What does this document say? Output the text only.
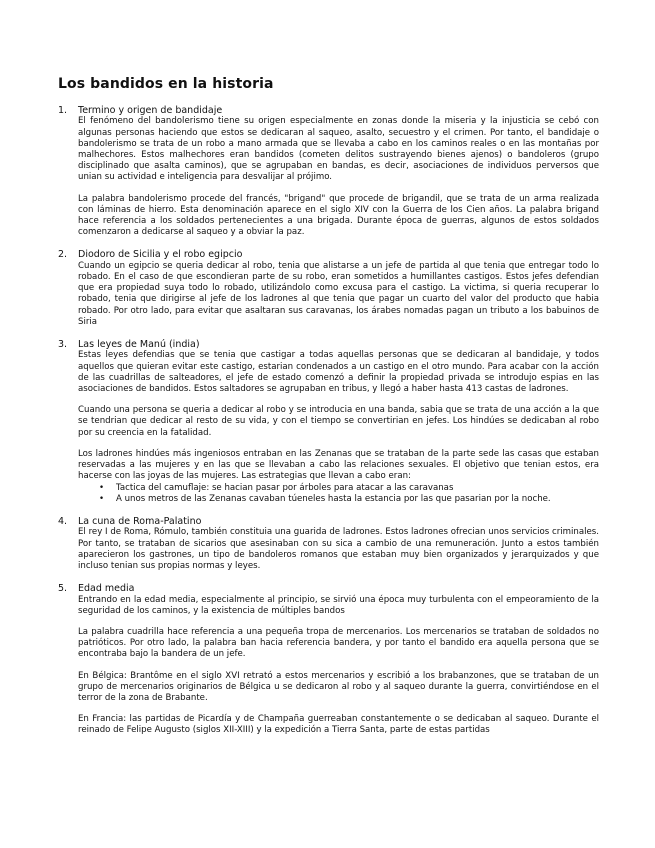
Los bandidos en la historia
1. Termino y origen de bandidaje

El fenómeno del bandolerismo tiene su origen especialmente en zonas donde la miseria y la injusticia se cebó con algunas personas haciendo que estos se dedicaran al saqueo, asalto, secuestro y el crimen. Por tanto, el bandidaje o bandolerismo se trata de un robo a mano armada que se llevaba a cabo en los caminos reales o en las montañas por malhechores. Estos malhechores eran bandidos (cometen delitos sustrayendo bienes ajenos) o bandoleros (grupo disciplinado que asalta caminos), que se agrupaban en bandas, es decir, asociaciones de individuos perversos que unian su actividad e inteligencia para desvalijar al prójimo.

La palabra bandolerismo procede del francés, "brigand" que procede de brigandil, que se trata de un arma realizada con láminas de hierro. Esta denominación aparece en el siglo XIV con la Guerra de los Cien años. La palabra brigand hace referencia a los soldados pertenecientes a una brigada. Durante época de guerras, algunos de estos soldados comenzaron a dedicarse al saqueo y a obviar la paz.

2. Diodoro de Sicilia y el robo egipcio

Cuando un egipcio se queria dedicar al robo, tenia que alistarse a un jefe de partida al que tenia que entregar todo lo robado. En el caso de que escondieran parte de su robo, eran sometidos a humillantes castigos. Estos jefes defendian que era propiedad suya todo lo robado, utilizándolo como excusa para el castigo. La victima, si queria recuperar lo robado, tenia que dirigirse al jefe de los ladrones al que tenia que pagar un cuarto del valor del producto que habia robado. Por otro lado, para evitar que asaltaran sus caravanas, los árabes nomadas pagan un tributo a los babuinos de Siria

3. Las leyes de Manú (india)

Estas leyes defendias que se tenia que castigar a todas aquellas personas que se dedicaran al bandidaje, y todos aquellos que quieran evitar este castigo, estarian condenados a un castigo en el otro mundo. Para acabar con la acción de las cuadrillas de salteadores, el jefe de estado comenzó a definir la propiedad privada se introdujo espias en las asociaciones de bandidos. Estos saltadores se agrupaban en tribus, y llegó a haber hasta 413 castas de ladrones.

Cuando una persona se queria a dedicar al robo y se introducia en una banda, sabia que se trata de una acción a la que se tendrian que dedicar al resto de su vida, y con el tiempo se convertirian en jefes. Los hindúes se dedicaban al robo por su creencia en la fatalidad.

Los ladrones hindúes más ingeniosos entraban en las Zenanas que se trataban de la parte sede las casas que estaban reservadas a las mujeres y en las que se llevaban a cabo las relaciones sexuales. El objetivo que tenian estos, era hacerse con las joyas de las mujeres. Las estrategias que llevan a cabo eran:

• Tactica del camuflaje: se hacian pasar por árboles para atacar a las caravanas
• A unos metros de las Zenanas cavaban túeneles hasta la estancia por las que pasarian por la noche.
4. La cuna de Roma-Palatino

El rey I de Roma, Rómulo, también constituia una guarida de ladrones. Estos ladrones ofrecian unos servicios criminales. Por tanto, se trataban de sicarios que asesinaban con su sica a cambio de una remuneración. Junto a estos también aparecieron los gastrones, un tipo de bandoleros romanos que estaban muy bien organizados y jerarquizados y que incluso tenian sus propias normas y leyes.

5. Edad media

Entrando en la edad media, especialmente al principio, se sirvió una época muy turbulenta con el empeoramiento de la seguridad de los caminos, y la existencia de múltiples bandos

La palabra cuadrilla hace referencia a una pequeña tropa de mercenarios. Los mercenarios se trataban de soldados no patrióticos. Por otro lado, la palabra ban hacia referencia bandera, y por tanto el bandido era aquella persona que se encontraba bajo la bandera de un jefe.

En Bélgica: Brantôme en el siglo XVI retrató a estos mercenarios y escribió a los brabanzones, que se trataban de un grupo de mercenarios originarios de Bélgica u se dedicaron al robo y al saqueo durante la guerra, convirtiéndose en el terror de la zona de Brabante.

En Francia: las partidas de Picardía y de Champaña guerreaban constantemente o se dedicaban al saqueo. Durante el reinado de Felipe Augusto (siglos XII-XIII) y la expedición a Tierra Santa, parte de estas partidas
